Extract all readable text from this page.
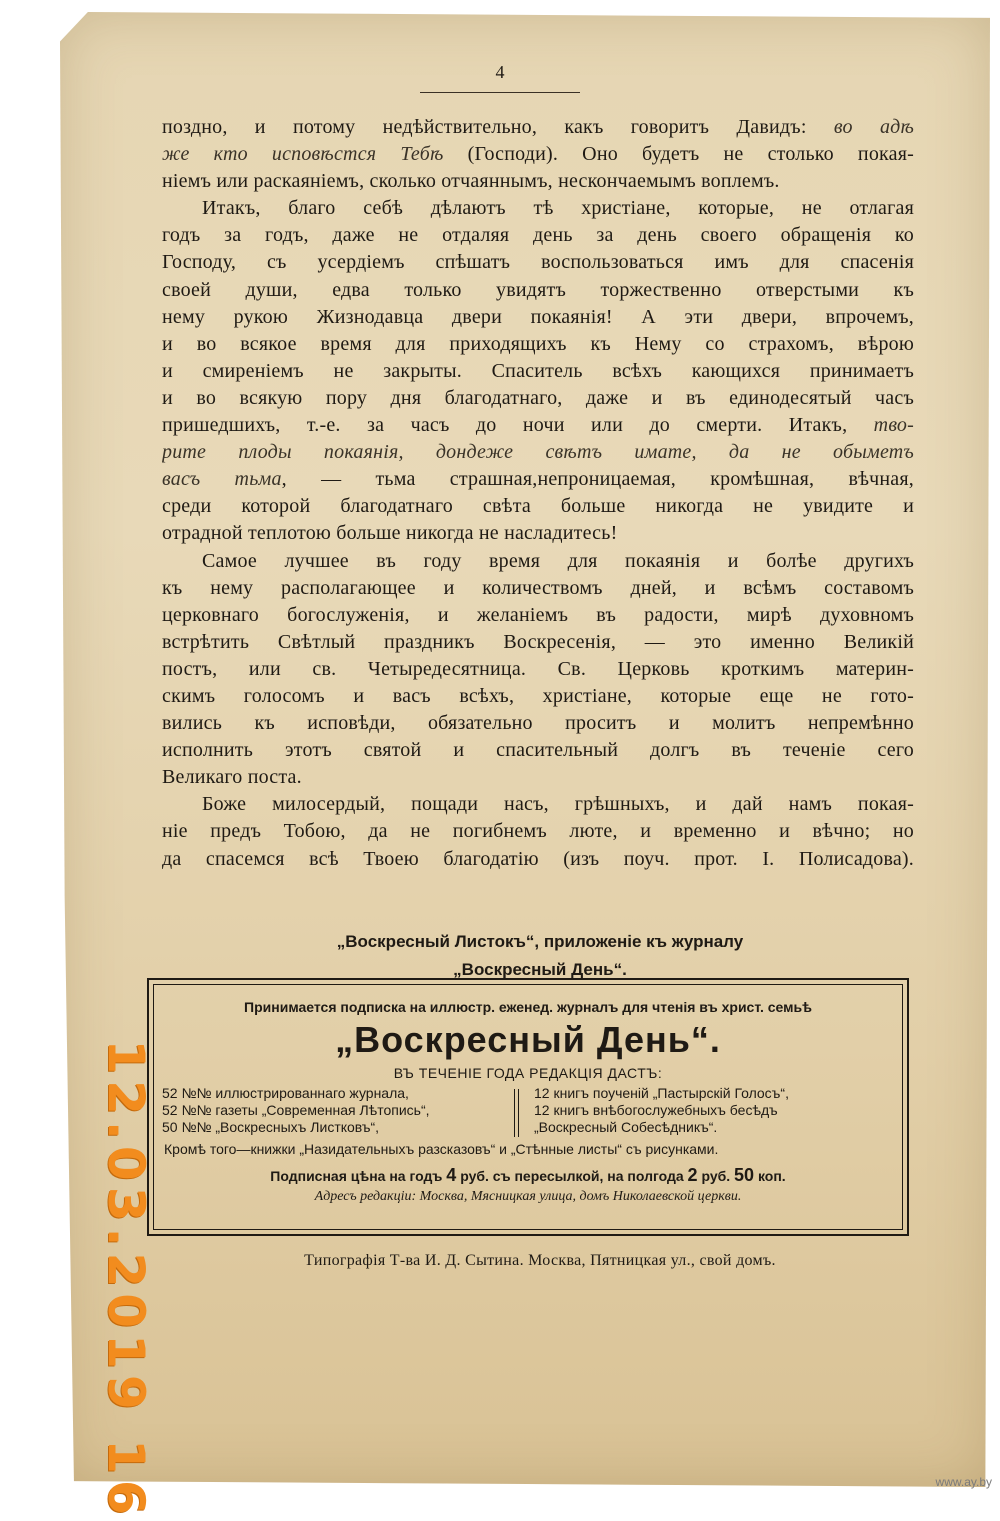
4
поздно, и потому недѣйствительно, какъ говоритъ Давидъ: во адѣ
же кто исповѣстся Тебѣ (Господи). Оно будетъ не столько покая-
ніемъ или раскаяніемъ, сколько отчаяннымъ, нескончаемымъ воплемъ.
Итакъ, благо себѣ дѣлаютъ тѣ христіане, которые, не отлагая
годъ за годъ, даже не отдаляя день за день своего обращенія ко
Господу, съ усердіемъ спѣшатъ воспользоваться имъ для спасенія
своей души, едва только увидятъ торжественно отверстыми къ
нему рукою Жизнодавца двери покаянія! А эти двери, впрочемъ,
и во всякое время для приходящихъ къ Нему со страхомъ, вѣрою
и смиреніемъ не закрыты. Спаситель всѣхъ кающихся принимаетъ
и во всякую пору дня благодатнаго, даже и въ единодесятый часъ
пришедшихъ, т.-е. за часъ до ночи или до смерти. Итакъ, тво-
рите плоды покаянія, дондеже свѣтъ имате, да не обыметъ
васъ тьма, — тьма страшная,непроницаемая, кромѣшная, вѣчная,
среди которой благодатнаго свѣта больше никогда не увидите и
отрадной теплотою больше никогда не насладитесь!
Самое лучшее въ году время для покаянія и болѣе другихъ
къ нему располагающее и количествомъ дней, и всѣмъ составомъ
церковнаго богослуженія, и желаніемъ въ радости, мирѣ духовномъ
встрѣтить Свѣтлый праздникъ Воскресенія, — это именно Великій
постъ, или св. Четыредесятница. Св. Церковь кроткимъ материн-
скимъ голосомъ и васъ всѣхъ, христіане, которые еще не гото-
вились къ исповѣди, обязательно проситъ и молитъ непремѣнно
исполнить этотъ святой и спасительный долгъ въ теченіе сего
Великаго поста.
Боже милосердый, пощади насъ, грѣшныхъ, и дай намъ покая-
ніе предъ Тобою, да не погибнемъ люте, и временно и вѣчно; но
да спасемся всѣ Твоею благодатію (изъ поуч. прот. І. Полисадова).
„Воскресный Листокъ“, приложеніе къ журналу
„Воскресный День“.
Принимается подписка на иллюстр. еженед. журналъ для чтенія въ христ. семьѣ
„Воскресный День“.
ВЪ ТЕЧЕНІЕ ГОДА РЕДАКЦІЯ ДАСТЪ:
52 №№ иллюстрированнаго журнала,
52 №№ газеты „Современная Лѣтопись“,
50 №№ „Воскресныхъ Листковъ“,
12 книгъ поученій „Пастырскій Голосъ“,
12 книгъ внѣбогослужебныхъ бесѣдъ
„Воскресный Собесѣдникъ“.
Кромѣ того—книжки „Назидательныхъ разсказовъ“ и „Стѣнные листы“ съ рисунками.
Подписная цѣна на годъ 4 руб. съ пересылкой, на полгода 2 руб. 50 коп.
Адресъ редакціи: Москва, Мясницкая улица, домъ Николаевской церкви.
Типографія Т-ва И. Д. Сытина. Москва, Пятницкая ул., свой домъ.
12.03.2019 16	www.ay.by
